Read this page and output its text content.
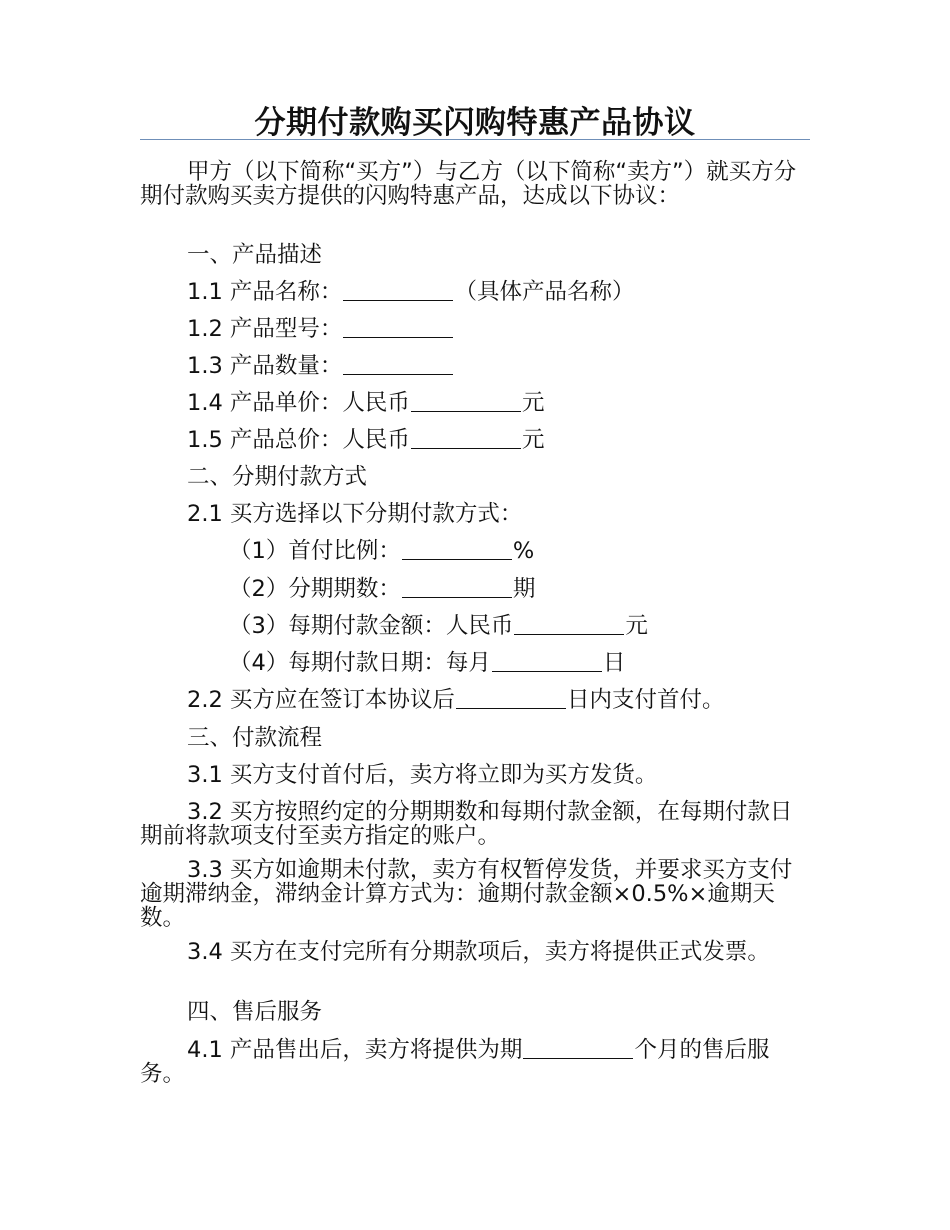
分期付款购买闪购特惠产品协议

甲方（以下简称“买方”）与乙方（以下简称“卖方”）就买方分期付款购买卖方提供的闪购特惠产品，达成以下协议：

一、产品描述

1.1 产品名称：	（具体产品名称）

1.2 产品型号：

1.3 产品数量：

1.4 产品单价：人民币	元

1.5 产品总价：人民币	元

二、分期付款方式

2.1 买方选择以下分期付款方式：

（1）首付比例：	%

（2）分期期数：	期

（3）每期付款金额：人民币	元

（4）每期付款日期：每月	日

2.2 买方应在签订本协议后	日内支付首付。

三、付款流程

3.1 买方支付首付后，卖方将立即为买方发货。

3.2 买方按照约定的分期期数和每期付款金额，在每期付款日期前将款项支付至卖方指定的账户。

3.3 买方如逾期未付款，卖方有权暂停发货，并要求买方支付逾期滞纳金，滞纳金计算方式为：逾期付款金额×0.5%×逾期天数。

3.4 买方在支付完所有分期款项后，卖方将提供正式发票。

四、售后服务

4.1 产品售出后，卖方将提供为期	个月的售后服务。
